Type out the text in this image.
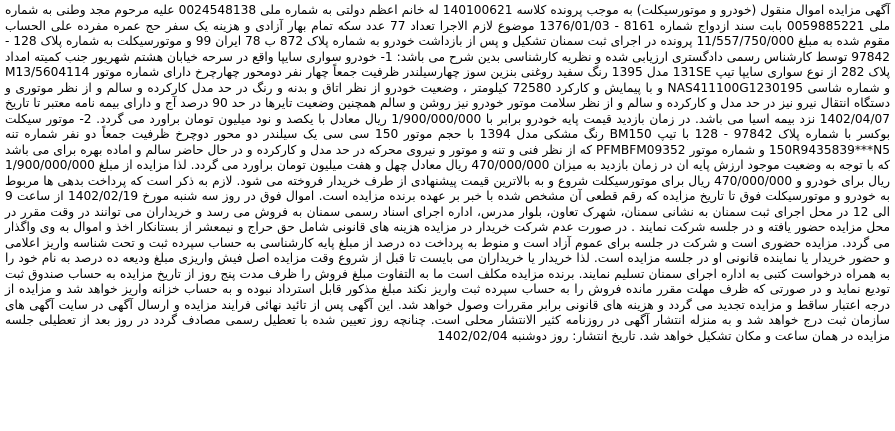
آگهی مزایده اموال منقول (خودرو و موتورسیکلت) به موجب پرونده کلاسه 140100621 له خانم اعظم دولتی به شماره ملی 0024548138 علیه مرحوم مجد وطنی به شماره ملی 0059885221 بابت سند ازدواج شماره 8161 - 1376/01/03 موضوع لازم الاجرا تعداد 77 عدد سکه تمام بهار آزادی و هزینه یک سفر حج عمره مفرده علی الحساب مقوم شده به مبلغ 11/557/750/000 پرونده در اجرای ثبت سمنان تشکیل و پس از بازداشت خودرو به شماره پلاک 872 ب 78 ایران 99 و موتورسیکلت به شماره پلاک 128 - 97842 توسط کارشناس رسمی دادگستری ارزیابی شده و نظریه کارشناسی بدین شرح می باشد: 1- خودرو سواری سایپا واقع در سرحه خیابان هشتم شهریور جنب کمیته امداد پلاک 282 از نوع سواری سایپا تیپ 131SE مدل 1395 رنگ سفید روغنی بنزین سوز چهارسیلندر ظرفیت جمعاً چهار نفر دومحور چهارچرخ دارای شماره موتور M13/5604114 و شماره شاسی NAS411100G1230195 و با پیمایش و کارکرد 72580 کیلومتر ، وضعیت خودرو از نظر اتاق و بدنه و رنگ در حد مدل کارکرده و سالم و از نظر موتوری و دستگاه انتقال نیرو نیز در حد مدل و کارکرده و سالم و از نظر سلامت موتور خودرو نیز روشن و سالم همچنین وضعیت تایرها در حد 90 درصد آج و دارای بیمه نامه معتبر تا تاریخ 1402/04/07 نزد بیمه اسیا می باشد. در زمان بازدید قیمت پایه خودرو برابر با 1/900/000/000 ریال معادل با یکصد و نود میلیون تومان براورد می گردد. 2- موتور سیکلت بوکسر با شماره پلاک 97842 - 128 با تیپ BM150 رنگ مشکی مدل 1394 با حجم موتور 150 سی سی یک سیلندر دو محور دوچرخ ظرفیت جمعاً دو نفر شماره تنه 150R9435839***N5 و شماره موتور PFMBFM09352 که از نظر فنی و تنه و موتور و نیروی محرکه در حد مدل و کارکرده و در حال حاضر سالم و اماده بهره برای می باشد که با توجه به وضعیت موجود ارزش پایه ان در زمان بازدید به میزان 470/000/000 ریال معادل چهل و هفت میلیون تومان براورد می گردد. لذا مزایده از مبلغ 1/900/000/000 ریال برای خودرو و 470/000/000 ریال برای موتورسیکلت شروع و به بالاترین قیمت پیشنهادی از طرف خریدار فروخته می شود. لازم به ذکر است که پرداخت بدهی ها مربوط به خودرو و موتورسیکلت فوق تا تاریخ مزایده که رقم قطعی آن مشخص شده با خبر بر عهده برنده مزایده است. اموال فوق در روز سه شنبه مورخ 1402/02/19 از ساعت 9 الی 12 در محل اجرای ثبت سمنان به نشانی سمنان، شهرک تعاون، بلوار مدرس، اداره اجرای اسناد رسمی سمنان به فروش می رسد و خریداران می توانند در وقت مقرر در محل مزایده حضور یافته و در جلسه شرکت نمایند . در صورت عدم شرکت خریدار در مزایده هزینه های قانونی شامل حق حراج و نیمعشر از بستانکار اخذ و اموال به وی واگذار می گردد. مزایده حضوری است و شرکت در جلسه برای عموم آزاد است و منوط به پرداخت ده درصد از مبلغ پایه کارشناسی به حساب سپرده ثبت و تحت شناسه واریز اعلامی و حضور خریدار یا نماینده قانونی او در جلسه مزایده است. لذا خریدار یا خریداران می بایست تا قبل از شروع وقت مزایده اصل فیش واریزی مبلغ ودیعه ده درصد به نام خود را به همراه درخواست کتبی به اداره اجرای سمنان تسلیم نمایند. برنده مزایده مکلف است ما به التفاوت مبلغ فروش را ظرف مدت پنج روز از تاریخ مزایده به حساب صندوق ثبت تودیع نماید و در صورتی که ظرف مهلت مقرر مانده فروش را به حساب سپرده ثبت واریز نکند مبلغ مذکور قابل استرداد نبوده و به حساب خزانه واریز خواهد شد و مزایده از درجه اعتبار ساقط و مزایده تجدید می گردد و هزینه های قانونی برابر مقررات وصول خواهد شد. این آگهی پس از تائید نهائی فرایند مزایده و ارسال آگهی در سایت آگهی های سازمان ثبت درج خواهد شد و به منزله انتشار آگهی در روزنامه کثیر الانتشار محلی است. چنانچه روز تعیین شده با تعطیل رسمی مصادف گردد در روز بعد از تعطیلی جلسه مزایده در همان ساعت و مکان تشکیل خواهد شد. تاریخ انتشار: روز دوشنبه 1402/02/04
